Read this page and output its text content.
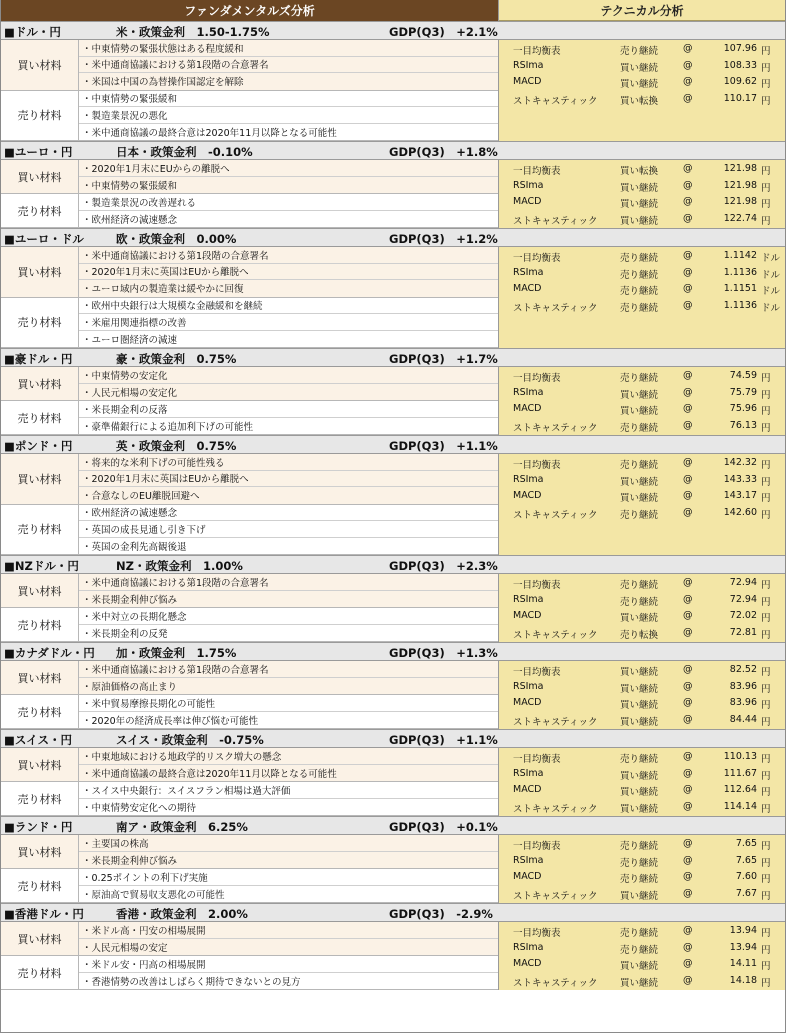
ファンダメンタルズ分析	テクニカル分析
■ドル・円	米・政策金利　1.50-1.75%	GDP(Q3)　+2.1%
買い材料
・中東情勢の緊張状態はある程度緩和
・米中通商協議における第1段階の合意署名
・米国は中国の為替操作国認定を解除
売り材料
・中東情勢の緊張緩和
・製造業景況の悪化
・米中通商協議の最終合意は2020年11月以降となる可能性
一目均衡表	売り継続	@	107.96 円
RSIma	買い継続	@	108.33 円
MACD	買い継続	@	109.62 円
ストキャスティック 買い転換	@	110.17 円
■ユーロ・円	日本・政策金利　-0.10%	GDP(Q3)　+1.8%
買い材料
・2020年1月末にEUからの離脱へ
・中東情勢の緊張緩和
売り材料
・製造業景況の改善遅れる
・欧州経済の減速懸念
一目均衡表	買い転換	@	121.98 円
RSIma	買い継続	@	121.98 円
MACD	買い継続	@	121.98 円
ストキャスティック 買い継続	@	122.74 円
■ユーロ・ドル	欧・政策金利　0.00%	GDP(Q3)　+1.2%
買い材料
・米中通商協議における第1段階の合意署名
・2020年1月末に英国はEUから離脱へ
・ユーロ域内の製造業は緩やかに回復
売り材料
・欧州中央銀行は大規模な金融緩和を継続
・米雇用関連指標の改善
・ユーロ圏経済の減速
一目均衡表	売り継続	@	1.1142 ドル
RSIma	売り継続	@	1.1136 ドル
MACD	売り継続	@	1.1151 ドル
ストキャスティック 売り継続	@	1.1136 ドル
■豪ドル・円	豪・政策金利　0.75%	GDP(Q3)　+1.7%
買い材料
・中東情勢の安定化
・人民元相場の安定化
売り材料
・米長期金利の反落
・豪準備銀行による追加利下げの可能性
一目均衡表	売り継続	@	74.59 円
RSIma	買い継続	@	75.79 円
MACD	買い継続	@	75.96 円
ストキャスティック 売り継続	@	76.13 円
■ポンド・円	英・政策金利　0.75%	GDP(Q3)　+1.1%
買い材料
・将来的な米利下げの可能性残る
・2020年1月末に英国はEUから離脱へ
・合意なしのEU離脱回避へ
売り材料
・欧州経済の減速懸念
・英国の成長見通し引き下げ
・英国の金利先高観後退
一目均衡表	売り継続	@	142.32 円
RSIma	買い継続	@	143.33 円
MACD	買い継続	@	143.17 円
ストキャスティック 売り継続	@	142.60 円
■NZドル・円	NZ・政策金利　1.00%	GDP(Q3)　+2.3%
買い材料
・米中通商協議における第1段階の合意署名
・米長期金利伸び悩み
売り材料
・米中対立の長期化懸念
・米長期金利の反発
一目均衡表	売り継続	@	72.94 円
RSIma	売り継続	@	72.94 円
MACD	買い継続	@	72.02 円
ストキャスティック 売り転換	@	72.81 円
■カナダドル・円 加・政策金利　1.75%	GDP(Q3)　+1.3%
買い材料
・米中通商協議における第1段階の合意署名
・原油価格の高止まり
売り材料
・米中貿易摩擦長期化の可能性
・2020年の経済成長率は伸び悩む可能性
一目均衡表	買い継続	@	82.52 円
RSIma	買い継続	@	83.96 円
MACD	買い継続	@	83.96 円
ストキャスティック 買い継続	@	84.44 円
■スイス・円	スイス・政策金利　-0.75%	GDP(Q3)　+1.1%
買い材料
・中東地域における地政学的リスク増大の懸念
・米中通商協議の最終合意は2020年11月以降となる可能性
売り材料
・スイス中央銀行：スイスフラン相場は過大評価
・中東情勢安定化への期待
一目均衡表	売り継続	@	110.13 円
RSIma	買い継続	@	111.67 円
MACD	買い継続	@	112.64 円
ストキャスティック 買い継続	@	114.14 円
■ランド・円	南ア・政策金利　6.25%	GDP(Q3)　+0.1%
買い材料
・主要国の株高
・米長期金利伸び悩み
売り材料
・0.25ポイントの利下げ実施
・原油高で貿易収支悪化の可能性
一目均衡表	売り継続	@	7.65 円
RSIma	売り継続	@	7.65 円
MACD	売り継続	@	7.60 円
ストキャスティック 買い継続	@	7.67 円
■香港ドル・円	香港・政策金利　2.00%	GDP(Q3)　-2.9%
買い材料
・米ドル高・円安の相場展開
・人民元相場の安定
売り材料
・米ドル安・円高の相場展開
・香港情勢の改善はしばらく期待できないとの見方
一目均衡表	売り継続	@	13.94 円
RSIma	売り継続	@	13.94 円
MACD	買い継続	@	14.11 円
ストキャスティック 買い継続	@	14.18 円
